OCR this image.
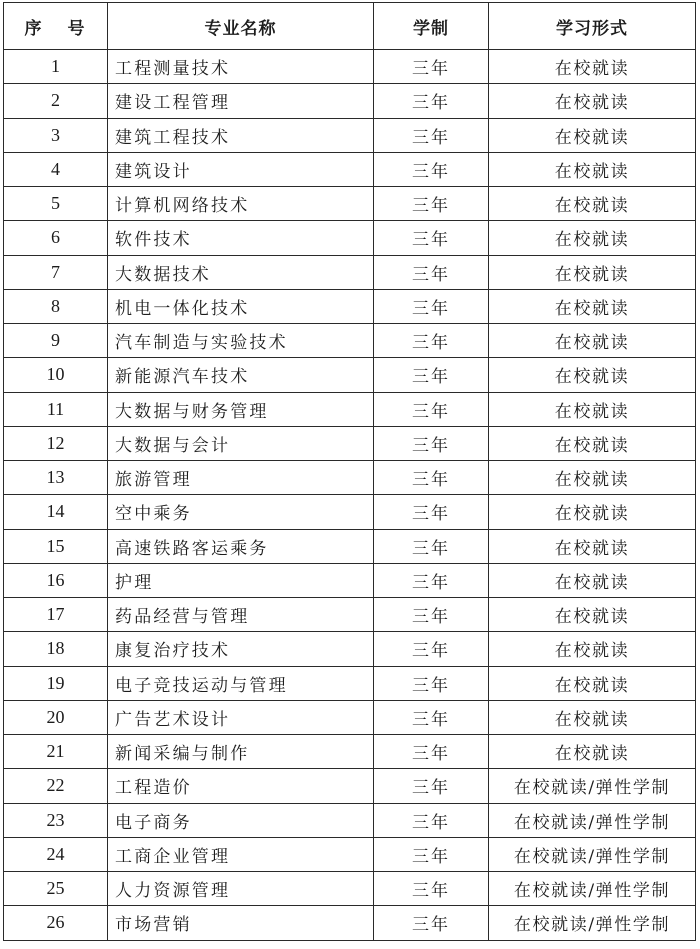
序 号	专业名称	学制	学习形式
1	工程测量技术	三年	在校就读
2	建设工程管理	三年	在校就读
3	建筑工程技术	三年	在校就读
4	建筑设计	三年	在校就读
5	计算机网络技术	三年	在校就读
6	软件技术	三年	在校就读
7	大数据技术	三年	在校就读
8	机电一体化技术	三年	在校就读
9	汽车制造与实验技术	三年	在校就读
10	新能源汽车技术	三年	在校就读
11	大数据与财务管理	三年	在校就读
12	大数据与会计	三年	在校就读
13	旅游管理	三年	在校就读
14	空中乘务	三年	在校就读
15	高速铁路客运乘务	三年	在校就读
16	护理	三年	在校就读
17	药品经营与管理	三年	在校就读
18	康复治疗技术	三年	在校就读
19	电子竞技运动与管理	三年	在校就读
20	广告艺术设计	三年	在校就读
21	新闻采编与制作	三年	在校就读
22	工程造价	三年	在校就读/弹性学制
23	电子商务	三年	在校就读/弹性学制
24	工商企业管理	三年	在校就读/弹性学制
25	人力资源管理	三年	在校就读/弹性学制
26	市场营销	三年	在校就读/弹性学制
